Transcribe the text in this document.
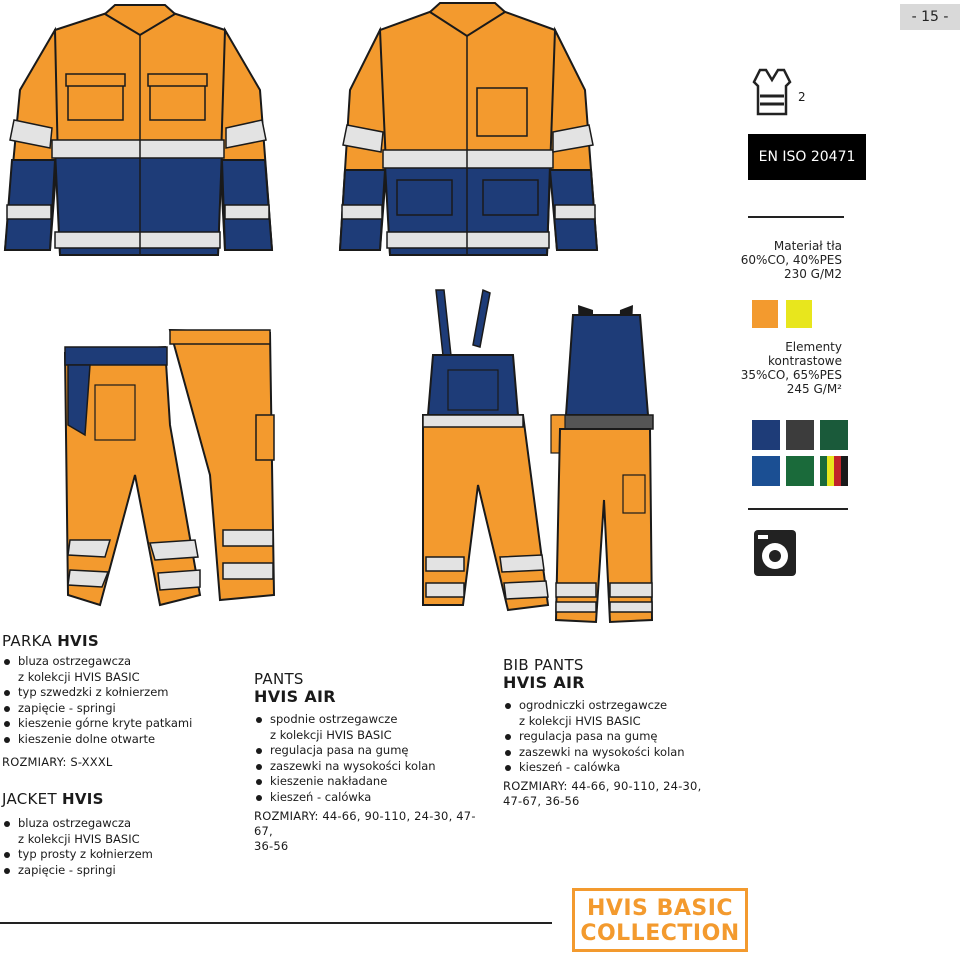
- 15 -
2
EN ISO 20471
Materiał tła
60%CO, 40%PES
230 G/M2
Elementy
kontrastowe
35%CO, 65%PES
245 G/M²
PARKA HVIS
bluza ostrzegawcza
z kolekcji HVIS BASIC
typ szwedzki z kołnierzem
zapięcie - springi
kieszenie górne kryte patkami
kieszenie dolne otwarte
ROZMIARY: S-XXXL
JACKET HVIS
bluza ostrzegawcza
z kolekcji HVIS BASIC
typ prosty z kołnierzem
zapięcie - springi
PANTS
HVIS AIR
spodnie ostrzegawcze
z kolekcji HVIS BASIC
regulacja pasa na gumę
zaszewki na wysokości kolan
kieszenie nakładane
kieszeń - calówka
ROZMIARY: 44-66, 90-110, 24-30, 47-67,
36-56
BIB PANTS
HVIS AIR
ogrodniczki ostrzegawcze
z kolekcji HVIS BASIC
regulacja pasa na gumę
zaszewki na wysokości kolan
kieszeń - calówka
ROZMIARY: 44-66, 90-110, 24-30,
47-67, 36-56
HVIS BASIC
COLLECTION
